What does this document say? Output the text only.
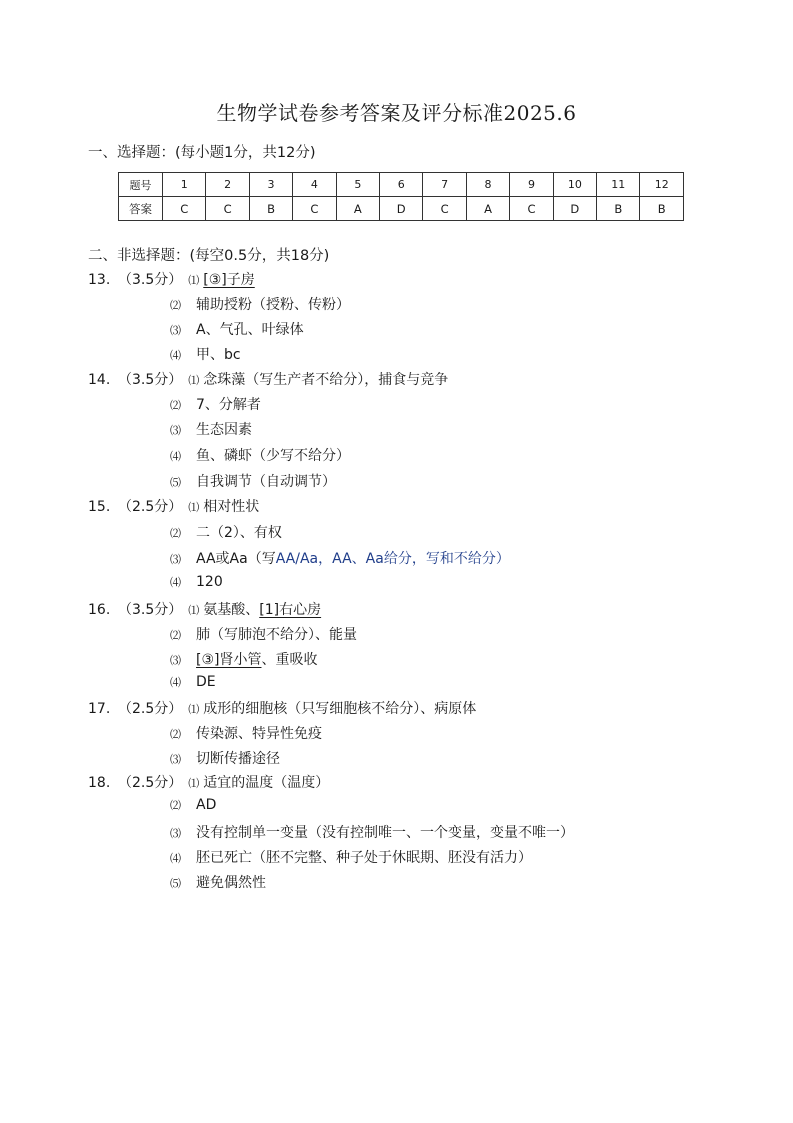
生物学试卷参考答案及评分标准2025.6
一、选择题：(每小题1分，共12分)
题号	1	2	3	4	5	6	7	8	9	10	11	12
答案	C	C	B	C	A	D	C	A	C	D	B	B
二、非选择题：(每空0.5分，共18分)
13. （3.5分） ⑴ [③]子房
⑵ 辅助授粉（授粉、传粉）
⑶ A、气孔、叶绿体
⑷ 甲、bc
14. （3.5分） ⑴ 念珠藻（写生产者不给分），捕食与竞争
⑵ 7、分解者
⑶ 生态因素
⑷ 鱼、磷虾（少写不给分）
⑸ 自我调节（自动调节）
15. （2.5分） ⑴ 相对性状
⑵ 二（2）、有权
⑶ AA或Aa（写AA/Aa，AA、Aa给分，写和不给分）
⑷ 120
16. （3.5分） ⑴ 氨基酸、[1]右心房
⑵ 肺（写肺泡不给分）、能量
⑶ [③]肾小管、重吸收
⑷ DE
17. （2.5分） ⑴ 成形的细胞核（只写细胞核不给分）、病原体
⑵ 传染源、特异性免疫
⑶ 切断传播途径
18. （2.5分） ⑴ 适宜的温度（温度）
⑵ AD
⑶ 没有控制单一变量（没有控制唯一、一个变量，变量不唯一）
⑷ 胚已死亡（胚不完整、种子处于休眠期、胚没有活力）
⑸ 避免偶然性
